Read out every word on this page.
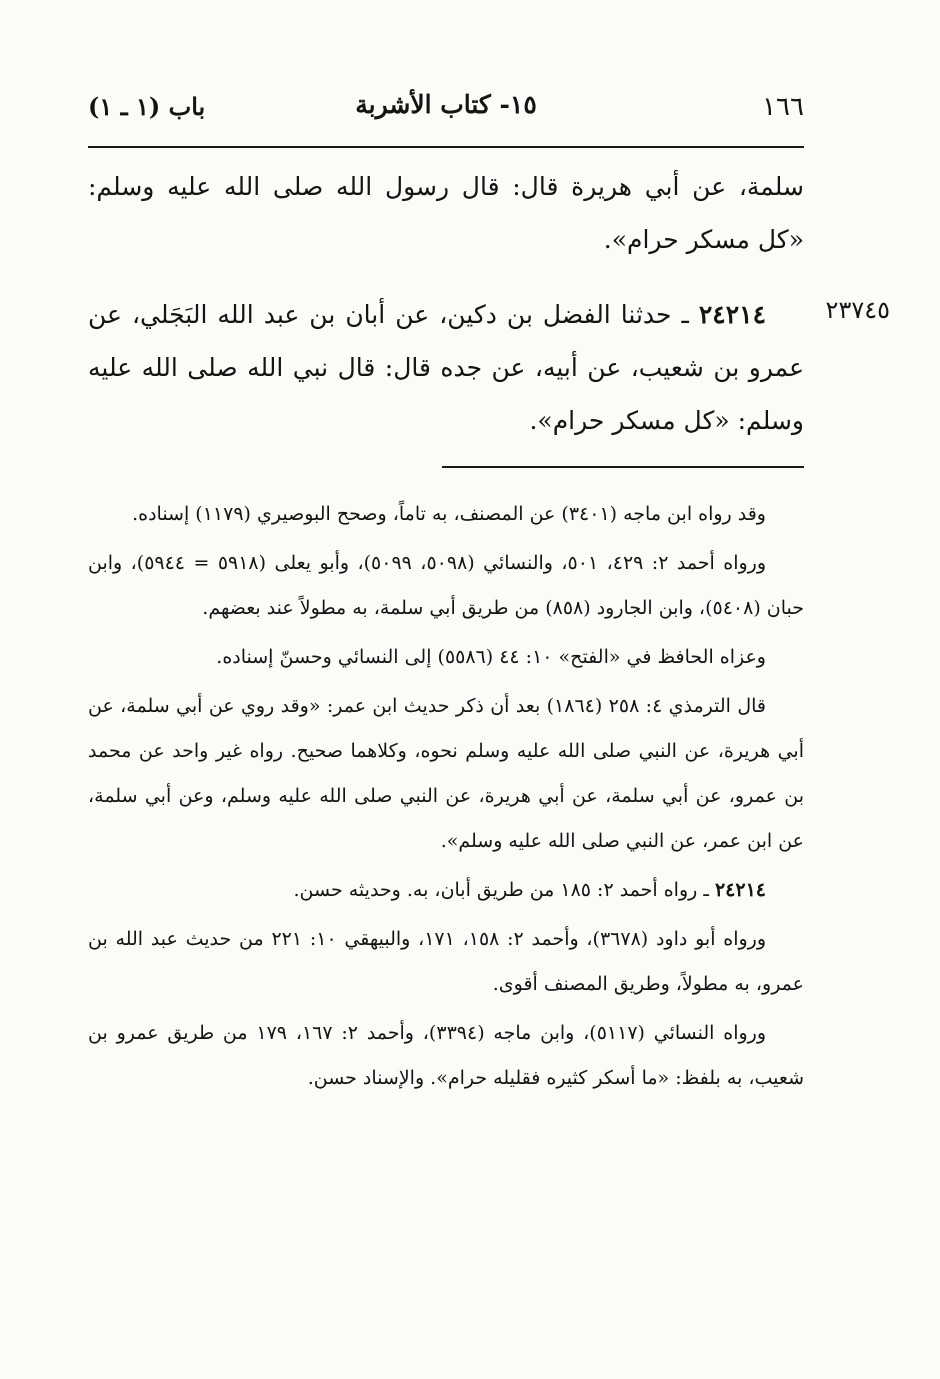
١٦٦
١٥- كتاب الأشربة
باب (١ ـ ١)

سلمة، عن أبي هريرة قال: قال رسول الله صلى الله عليه وسلم: «كل مسكر حرام».

٢٣٧٤٥

٢٤٢١٤ ـ حدثنا الفضل بن دكين، عن أبان بن عبد الله البَجَلي، عن عمرو بن شعيب، عن أبيه، عن جده قال: قال نبي الله صلى الله عليه وسلم: «كل مسكر حرام».

وقد رواه ابن ماجه (٣٤٠١) عن المصنف، به تاماً، وصحح البوصيري (١١٧٩) إسناده.

ورواه أحمد ٢: ٤٢٩، ٥٠١، والنسائي (٥٠٩٨، ٥٠٩٩)، وأبو يعلى (٥٩١٨ = ٥٩٤٤)، وابن حبان (٥٤٠٨)، وابن الجارود (٨٥٨) من طريق أبي سلمة، به مطولاً عند بعضهم.

وعزاه الحافظ في «الفتح» ١٠: ٤٤ (٥٥٨٦) إلى النسائي وحسنّ إسناده.

قال الترمذي ٤: ٢٥٨ (١٨٦٤) بعد أن ذكر حديث ابن عمر: «وقد روي عن أبي سلمة، عن أبي هريرة، عن النبي صلى الله عليه وسلم نحوه، وكلاهما صحيح. رواه غير واحد عن محمد بن عمرو، عن أبي سلمة، عن أبي هريرة، عن النبي صلى الله عليه وسلم، وعن أبي سلمة، عن ابن عمر، عن النبي صلى الله عليه وسلم».

٢٤٢١٤ ـ رواه أحمد ٢: ١٨٥ من طريق أبان، به. وحديثه حسن.

ورواه أبو داود (٣٦٧٨)، وأحمد ٢: ١٥٨، ١٧١، والبيهقي ١٠: ٢٢١ من حديث عبد الله بن عمرو، به مطولاً، وطريق المصنف أقوى.

ورواه النسائي (٥١١٧)، وابن ماجه (٣٣٩٤)، وأحمد ٢: ١٦٧، ١٧٩ من طريق عمرو بن شعيب، به بلفظ: «ما أسكر كثيره فقليله حرام». والإسناد حسن.
